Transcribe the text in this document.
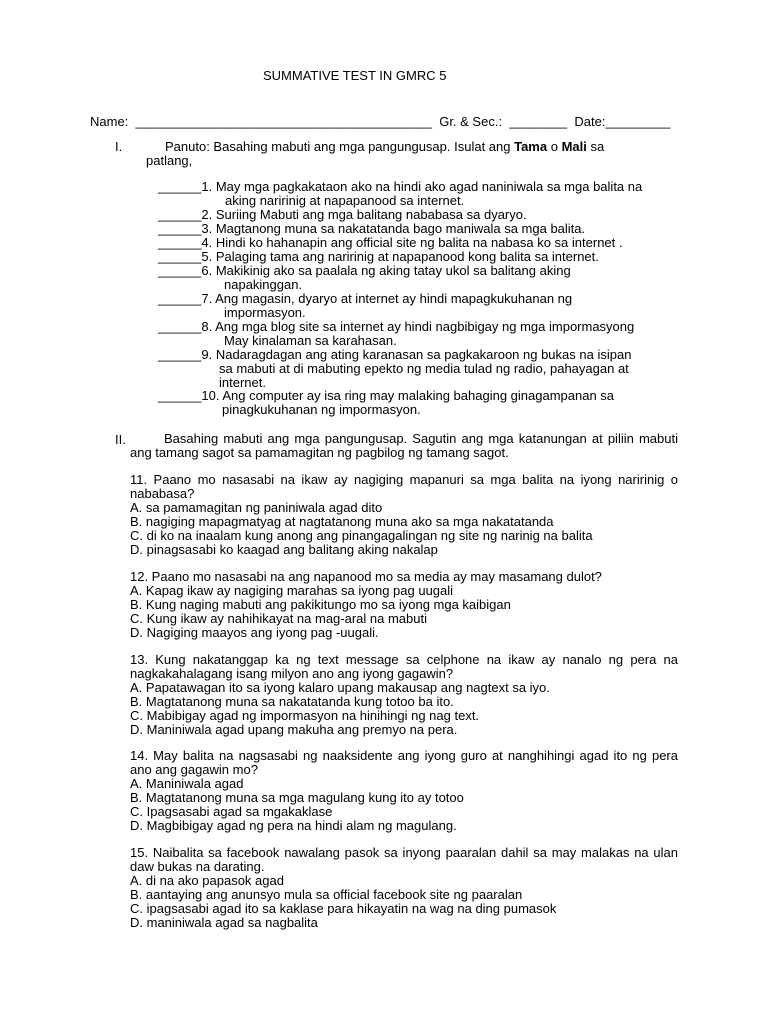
SUMMATIVE TEST IN GMRC 5
Name: _________________________________________ Gr. & Sec.: ________ Date:_________
I.	Panuto: Basahing mabuti ang mga pangungusap. Isulat ang Tama o Mali sa
patlang,
______1. May mga pagkakataon ako na hindi ako agad naniniwala sa mga balita na
aking naririnig at napapanood sa internet.
______2. Suriing Mabuti ang mga balitang nababasa sa dyaryo.
______3. Magtanong muna sa nakatatanda bago maniwala sa mga balita.
______4. Hindi ko hahanapin ang official site ng balita na nabasa ko sa internet .
______5. Palaging tama ang naririnig at napapanood kong balita sa internet.
______6. Makikinig ako sa paalala ng aking tatay ukol sa balitang aking
napakinggan.
______7. Ang magasin, dyaryo at internet ay hindi mapagkukuhanan ng
impormasyon.
______8. Ang mga blog site sa internet ay hindi nagbibigay ng mga impormasyong
May kinalaman sa karahasan.
______9. Nadaragdagan ang ating karanasan sa pagkakaroon ng bukas na isipan
sa mabuti at di mabuting epekto ng media tulad ng radio, pahayagan at
internet.
______10. Ang computer ay isa ring may malaking bahaging ginagampanan sa
pinagkukuhanan ng impormasyon.
II.	Basahing mabuti ang mga pangungusap. Sagutin ang mga katanungan at piliin mabuti ang tamang sagot sa pamamagitan ng pagbilog ng tamang sagot.
11. Paano mo nasasabi na ikaw ay nagiging mapanuri sa mga balita na iyong naririnig o nababasa?
A. sa pamamagitan ng paniniwala agad dito
B. nagiging mapagmatyag at nagtatanong muna ako sa mga nakatatanda
C. di ko na inaalam kung anong ang pinangagalingan ng site ng narinig na balita
D. pinagsasabi ko kaagad ang balitang aking nakalap
12. Paano mo nasasabi na ang napanood mo sa media ay may masamang dulot?
A. Kapag ikaw ay nagiging marahas sa iyong pag uugali
B. Kung naging mabuti ang pakikitungo mo sa iyong mga kaibigan
C. Kung ikaw ay nahihikayat na mag-aral na mabuti
D. Nagiging maayos ang iyong pag -uugali.
13. Kung nakatanggap ka ng text message sa celphone na ikaw ay nanalo ng pera na nagkakahalagang isang milyon ano ang iyong gagawin?
A. Papatawagan ito sa iyong kalaro upang makausap ang nagtext sa iyo.
B. Magtatanong muna sa nakatatanda kung totoo ba ito.
C. Mabibigay agad ng impormasyon na hinihingi ng nag text.
D. Maniniwala agad upang makuha ang premyo na pera.
14. May balita na nagsasabi ng naaksidente ang iyong guro at nanghihingi agad ito ng pera ano ang gagawin mo?
A. Maniniwala agad
B. Magtatanong muna sa mga magulang kung ito ay totoo
C. Ipagsasabi agad sa mgakaklase
D. Magbibigay agad ng pera na hindi alam ng magulang.
15. Naibalita sa facebook nawalang pasok sa inyong paaralan dahil sa may malakas na ulan daw bukas na darating.
A. di na ako papasok agad
B. aantaying ang anunsyo mula sa official facebook site ng paaralan
C. ipagsasabi agad ito sa kaklase para hikayatin na wag na ding pumasok
D. maniniwala agad sa nagbalita
